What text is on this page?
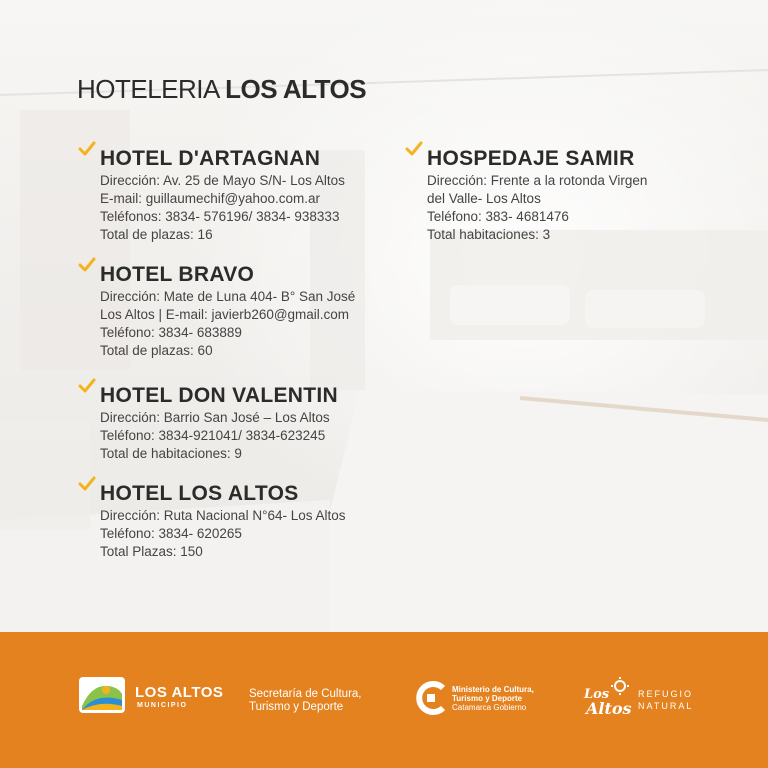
HOTELERIA LOS ALTOS
HOTEL D'ARTAGNAN
Dirección: Av. 25 de Mayo S/N- Los Altos
E-mail: guillaumechif@yahoo.com.ar
Teléfonos: 3834- 576196/ 3834- 938333
Total de plazas: 16
HOTEL BRAVO
Dirección: Mate de Luna 404- B° San José
Los Altos | E-mail: javierb260@gmail.com
Teléfono: 3834- 683889
Total de plazas: 60
HOTEL DON VALENTIN
Dirección: Barrio San José – Los Altos
Teléfono: 3834-921041/ 3834-623245
Total de habitaciones: 9
HOTEL LOS ALTOS
Dirección: Ruta Nacional N°64- Los Altos
Teléfono: 3834- 620265
Total Plazas: 150
HOSPEDAJE SAMIR
Dirección: Frente a la rotonda Virgen
del Valle- Los Altos
Teléfono: 383- 4681476
Total habitaciones: 3
LOS ALTOS
MUNICIPIO
Secretaría de Cultura,
Turismo y Deporte
Ministerio de Cultura,
Turismo y Deporte
Catamarca Gobierno
Los
Altos
REFUGIO
NATURAL
